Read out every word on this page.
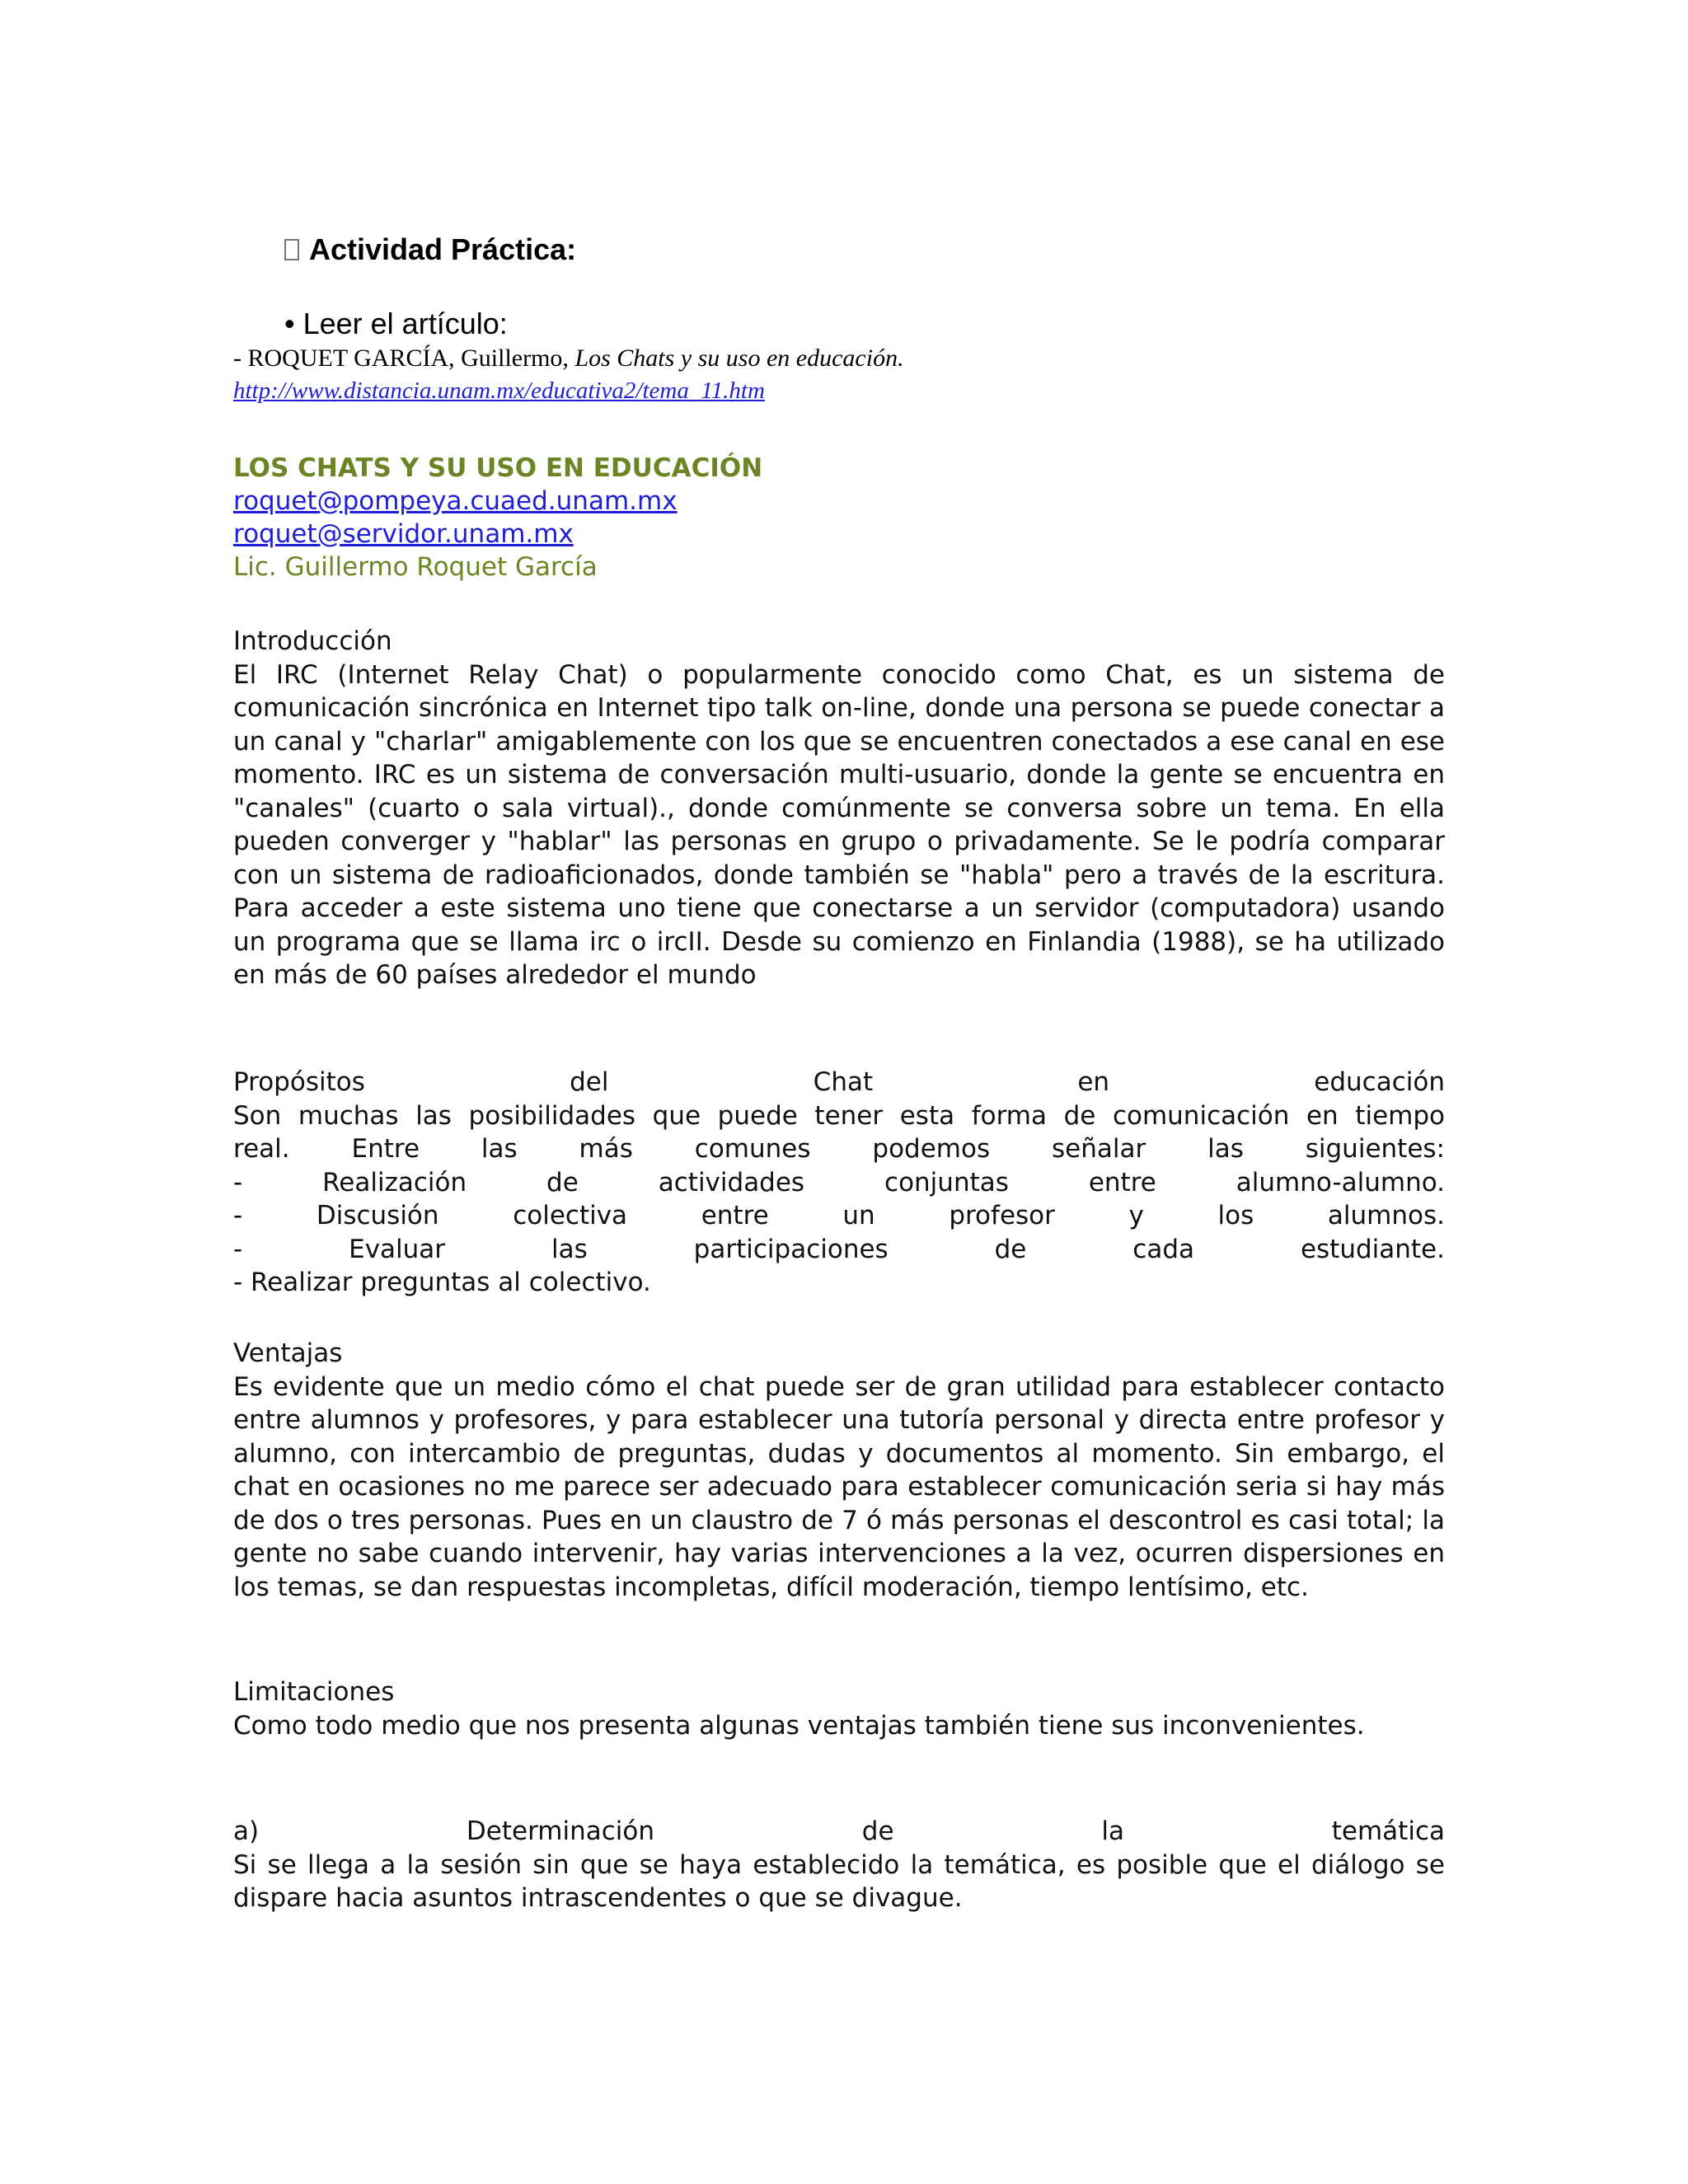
Actividad Práctica:
• Leer el artículo:
- ROQUET GARCÍA, Guillermo, Los Chats y su uso en educación.
http://www.distancia.unam.mx/educativa2/tema_11.htm
LOS CHATS Y SU USO EN EDUCACIÓN
roquet@pompeya.cuaed.unam.mx
roquet@servidor.unam.mx
Lic. Guillermo Roquet García
Introducción
El IRC (Internet Relay Chat) o popularmente conocido como Chat, es un sistema de comunicación sincrónica en Internet tipo talk on-line, donde una persona se puede conectar a un canal y "charlar" amigablemente con los que se encuentren conectados a ese canal en ese momento. IRC es un sistema de conversación multi-usuario, donde la gente se encuentra en "canales" (cuarto o sala virtual)., donde comúnmente se conversa sobre un tema. En ella pueden converger y "hablar" las personas en grupo o privadamente. Se le podría comparar con un sistema de radioaficionados, donde también se "habla" pero a través de la escritura. Para acceder a este sistema uno tiene que conectarse a un servidor (computadora) usando un programa que se llama irc o ircII. Desde su comienzo en Finlandia (1988), se ha utilizado en más de 60 países alrededor el mundo
Propósitos del Chat en educación
Son muchas las posibilidades que puede tener esta forma de comunicación en tiempo
real. Entre las más comunes podemos señalar las siguientes:
- Realización de actividades conjuntas entre alumno-alumno.
- Discusión colectiva entre un profesor y los alumnos.
- Evaluar las participaciones de cada estudiante.
- Realizar preguntas al colectivo.
Ventajas
Es evidente que un medio cómo el chat puede ser de gran utilidad para establecer contacto entre alumnos y profesores, y para establecer una tutoría personal y directa entre profesor y alumno, con intercambio de preguntas, dudas y documentos al momento. Sin embargo, el chat en ocasiones no me parece ser adecuado para establecer comunicación seria si hay más de dos o tres personas. Pues en un claustro de 7 ó más personas el descontrol es casi total; la gente no sabe cuando intervenir, hay varias intervenciones a la vez, ocurren dispersiones en los temas, se dan respuestas incompletas, difícil moderación, tiempo lentísimo, etc.
Limitaciones
Como todo medio que nos presenta algunas ventajas también tiene sus inconvenientes.
a) Determinación de la temática
Si se llega a la sesión sin que se haya establecido la temática, es posible que el diálogo se dispare hacia asuntos intrascendentes o que se divague.
